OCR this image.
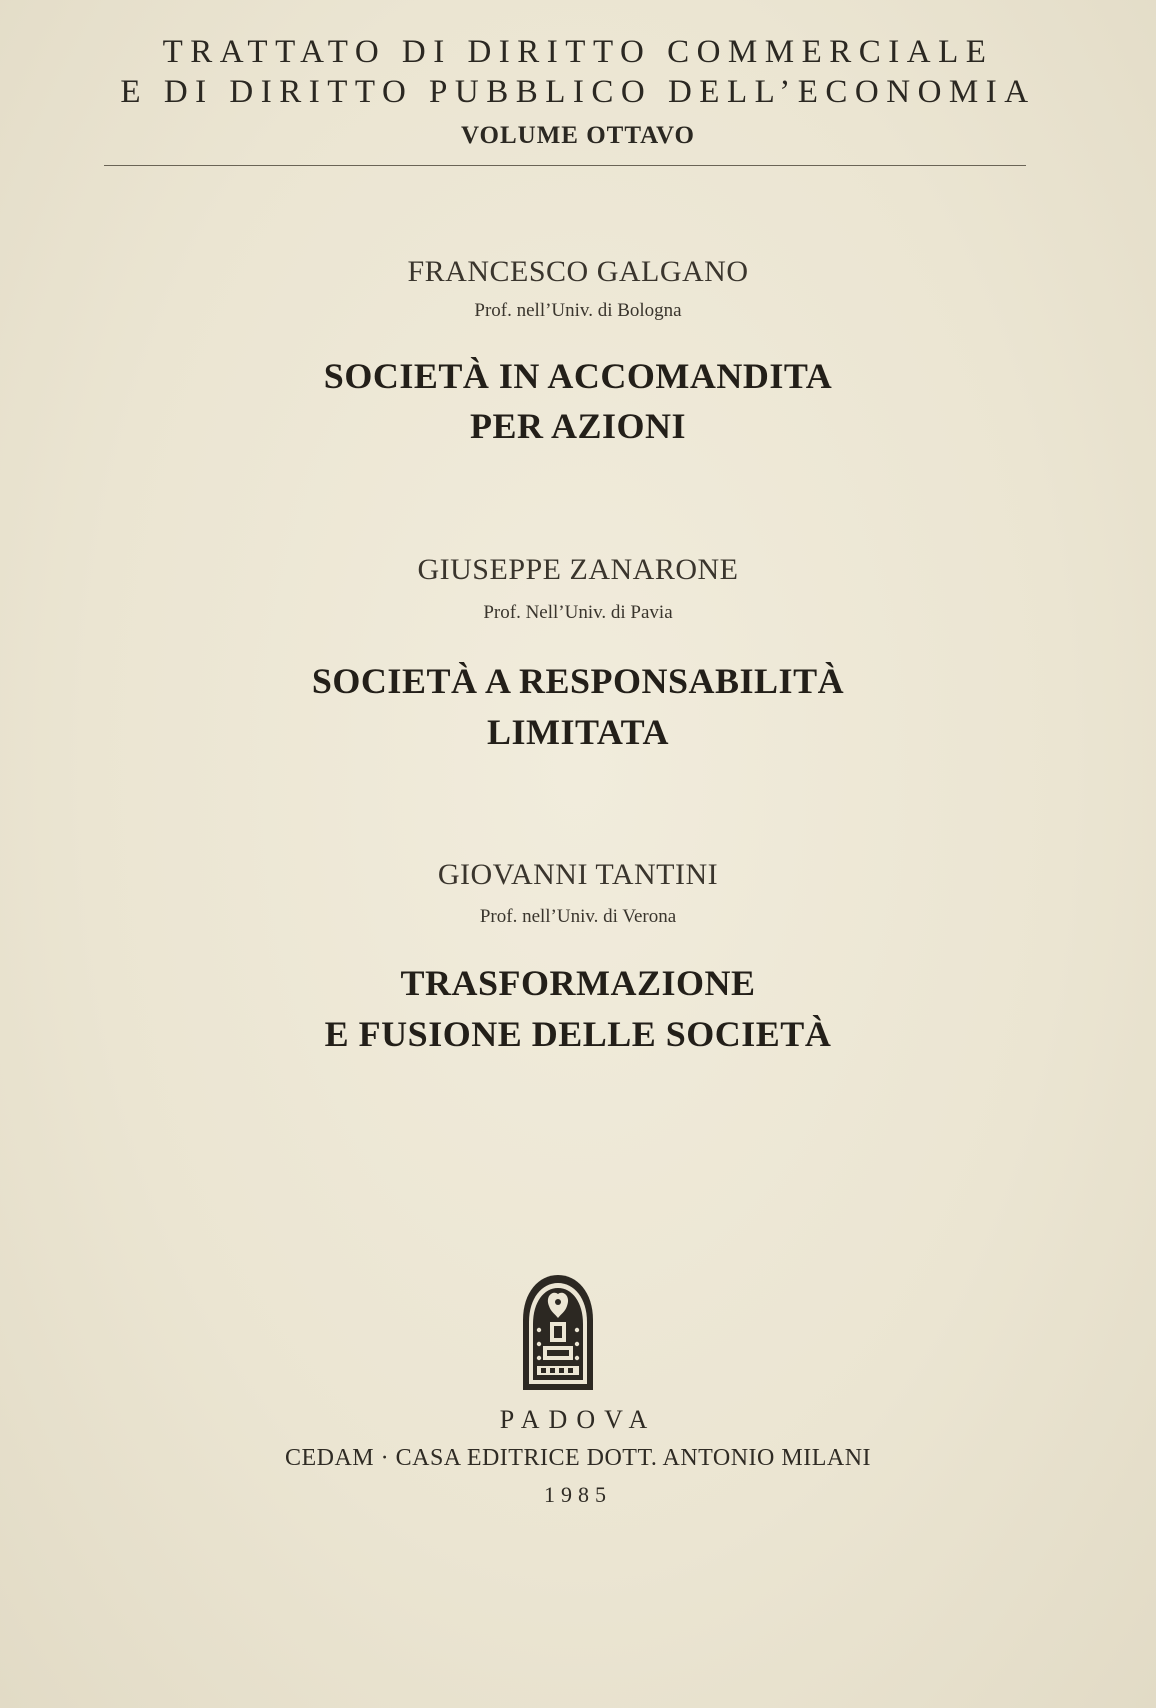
TRATTATO DI DIRITTO COMMERCIALE
E DI DIRITTO PUBBLICO DELL’ECONOMIA
VOLUME OTTAVO
FRANCESCO GALGANO
Prof. nell’Univ. di Bologna
SOCIETÀ IN ACCOMANDITA
PER AZIONI
GIUSEPPE ZANARONE
Prof. Nell’Univ. di Pavia
SOCIETÀ A RESPONSABILITÀ
LIMITATA
GIOVANNI TANTINI
Prof. nell’Univ. di Verona
TRASFORMAZIONE
E FUSIONE DELLE SOCIETÀ
PADOVA
CEDAM · CASA EDITRICE DOTT. ANTONIO MILANI
1985
